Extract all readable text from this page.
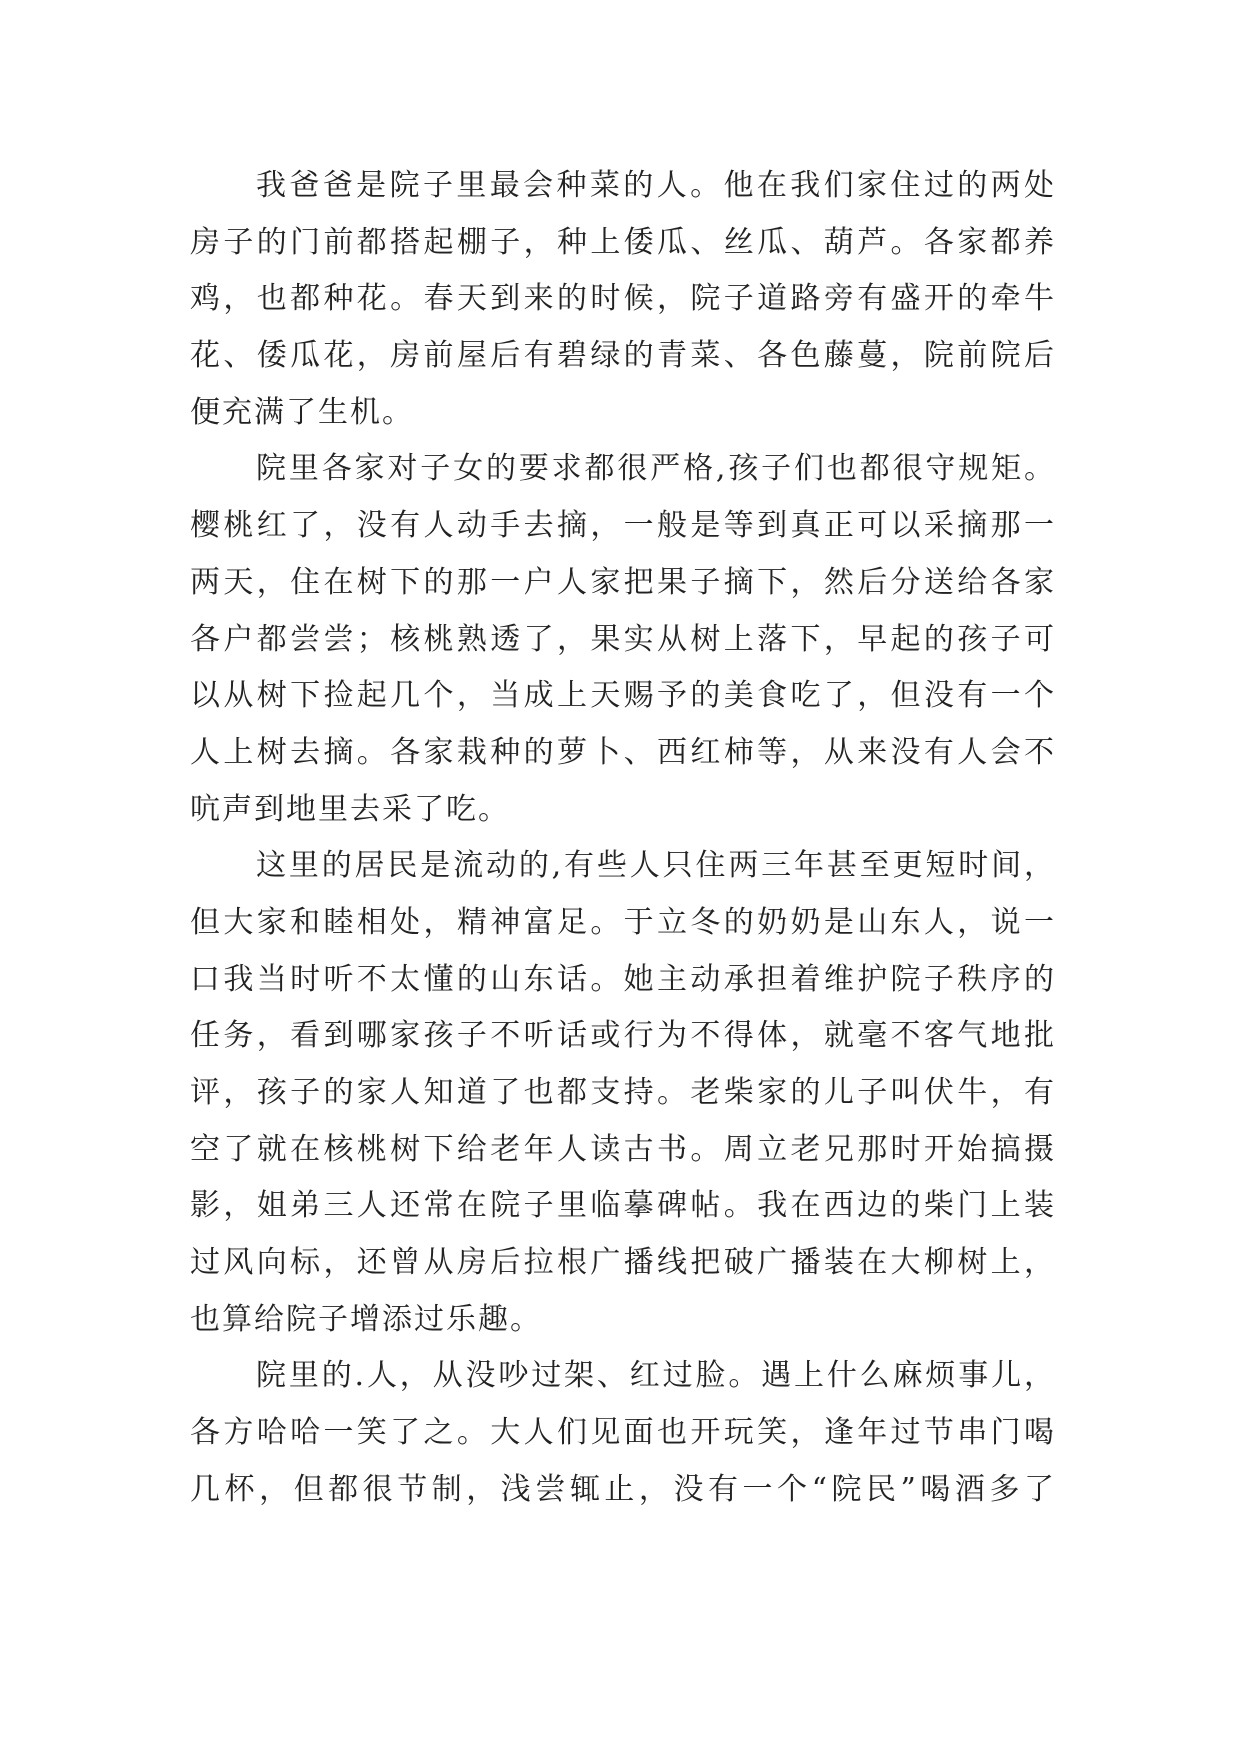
我爸爸是院子里最会种菜的人。他在我们家住过的两处
房子的门前都搭起棚子，种上倭瓜、丝瓜、葫芦。各家都养
鸡，也都种花。春天到来的时候，院子道路旁有盛开的牵牛
花、倭瓜花，房前屋后有碧绿的青菜、各色藤蔓，院前院后
便充满了生机。
院里各家对子女的要求都很严格,孩子们也都很守规矩。
樱桃红了，没有人动手去摘，一般是等到真正可以采摘那一
两天，住在树下的那一户人家把果子摘下，然后分送给各家
各户都尝尝；核桃熟透了，果实从树上落下，早起的孩子可
以从树下捡起几个，当成上天赐予的美食吃了，但没有一个
人上树去摘。各家栽种的萝卜、西红柿等，从来没有人会不
吭声到地里去采了吃。
这里的居民是流动的,有些人只住两三年甚至更短时间，
但大家和睦相处，精神富足。于立冬的奶奶是山东人，说一
口我当时听不太懂的山东话。她主动承担着维护院子秩序的
任务，看到哪家孩子不听话或行为不得体，就毫不客气地批
评，孩子的家人知道了也都支持。老柴家的儿子叫伏牛，有
空了就在核桃树下给老年人读古书。周立老兄那时开始搞摄
影，姐弟三人还常在院子里临摹碑帖。我在西边的柴门上装
过风向标，还曾从房后拉根广播线把破广播装在大柳树上，
也算给院子增添过乐趣。
院里的.人，从没吵过架、红过脸。遇上什么麻烦事儿，
各方哈哈一笑了之。大人们见面也开玩笑，逢年过节串门喝
几杯，但都很节制，浅尝辄止，没有一个“院民”喝酒多了
